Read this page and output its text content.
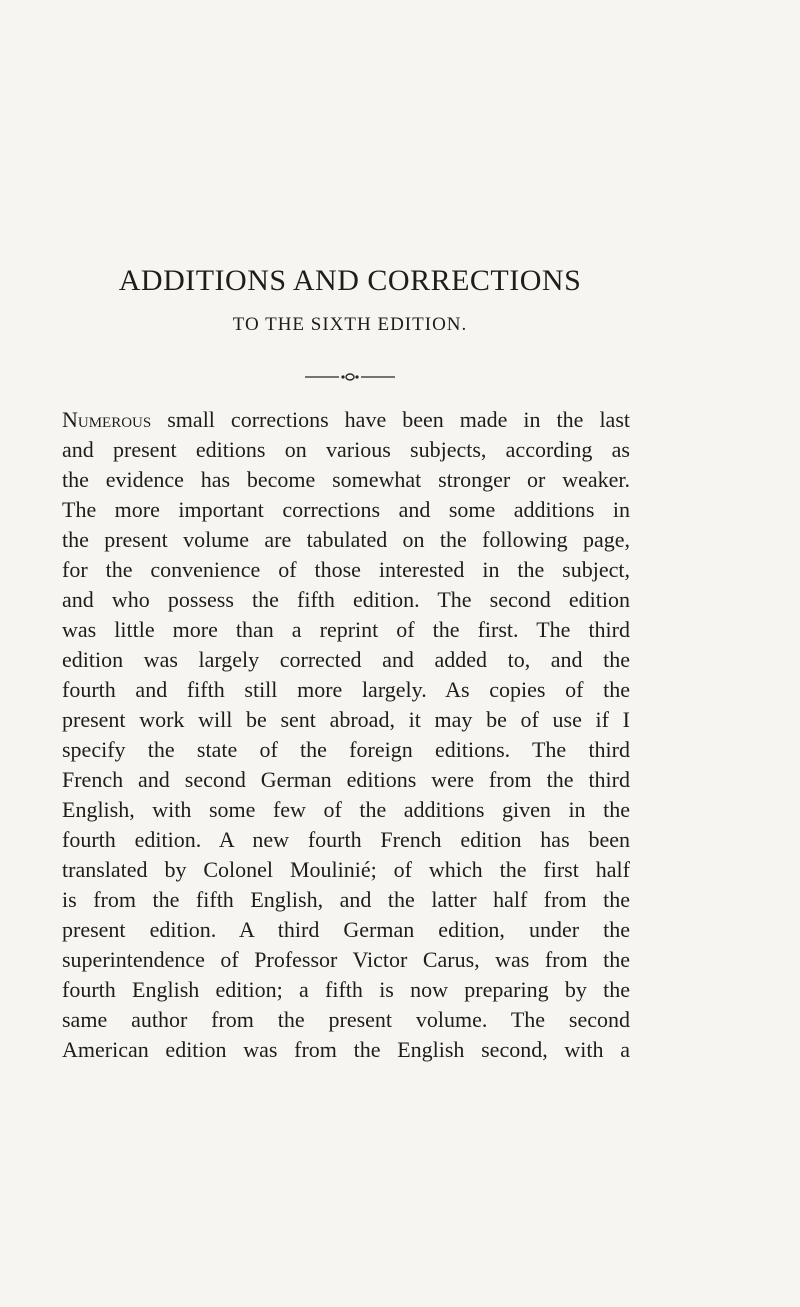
ADDITIONS AND CORRECTIONS
TO THE SIXTH EDITION.
Numerous small corrections have been made in the last
and present editions on various subjects, according as
the evidence has become somewhat stronger or weaker.
The more important corrections and some additions in
the present volume are tabulated on the following page,
for the convenience of those interested in the subject,
and who possess the fifth edition. The second edition
was little more than a reprint of the first. The third
edition was largely corrected and added to, and the
fourth and fifth still more largely. As copies of the
present work will be sent abroad, it may be of use if I
specify the state of the foreign editions. The third
French and second German editions were from the third
English, with some few of the additions given in the
fourth edition. A new fourth French edition has been
translated by Colonel Moulinié; of which the first half
is from the fifth English, and the latter half from the
present edition. A third German edition, under the
superintendence of Professor Victor Carus, was from the
fourth English edition; a fifth is now preparing by the
same author from the present volume. The second
American edition was from the English second, with a
